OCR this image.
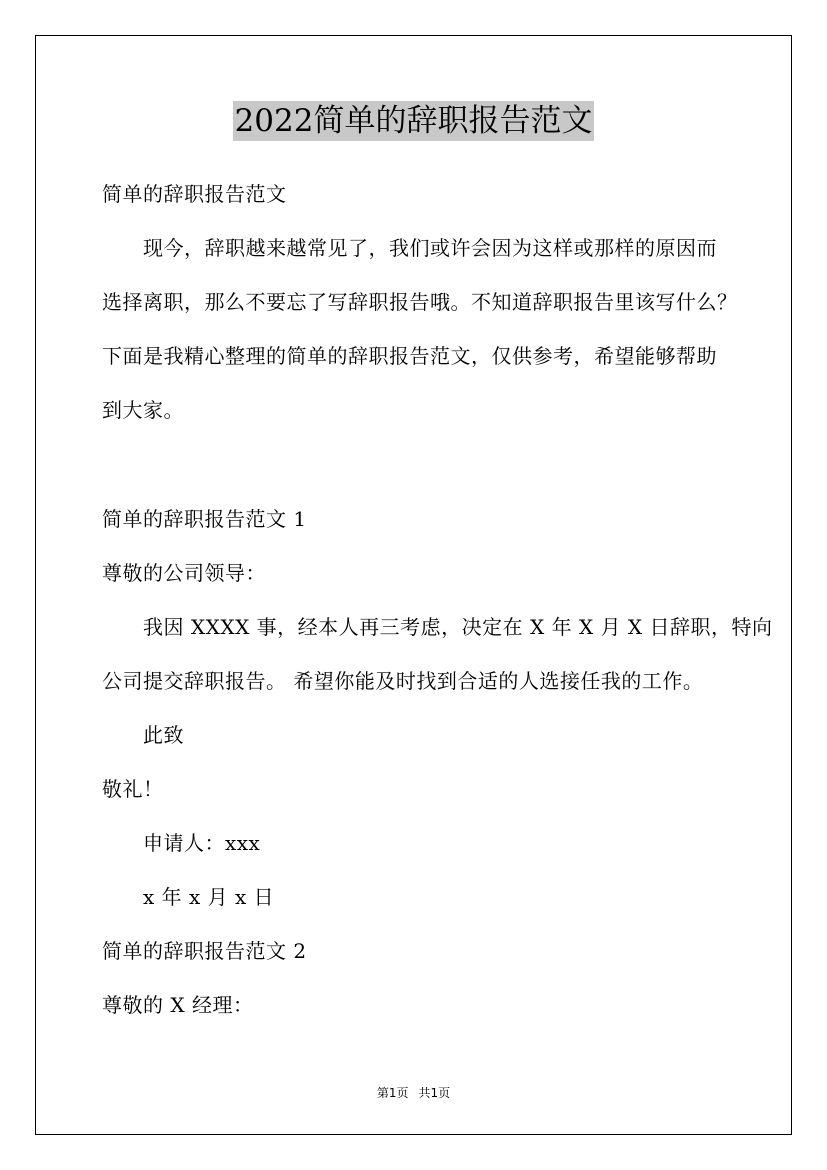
2022简单的辞职报告范文
简单的辞职报告范文
现今，辞职越来越常见了，我们或许会因为这样或那样的原因而
选择离职，那么不要忘了写辞职报告哦。不知道辞职报告里该写什么？
下面是我精心整理的简单的辞职报告范文，仅供参考，希望能够帮助
到大家。
简单的辞职报告范文 1
尊敬的公司领导：
我因 XXXX 事，经本人再三考虑，决定在 X 年 X 月 X 日辞职，特向
公司提交辞职报告。 希望你能及时找到合适的人选接任我的工作。
此致
敬礼！
申请人：xxx
x 年 x 月 x 日
简单的辞职报告范文 2
尊敬的 X 经理：
第1页 共1页
